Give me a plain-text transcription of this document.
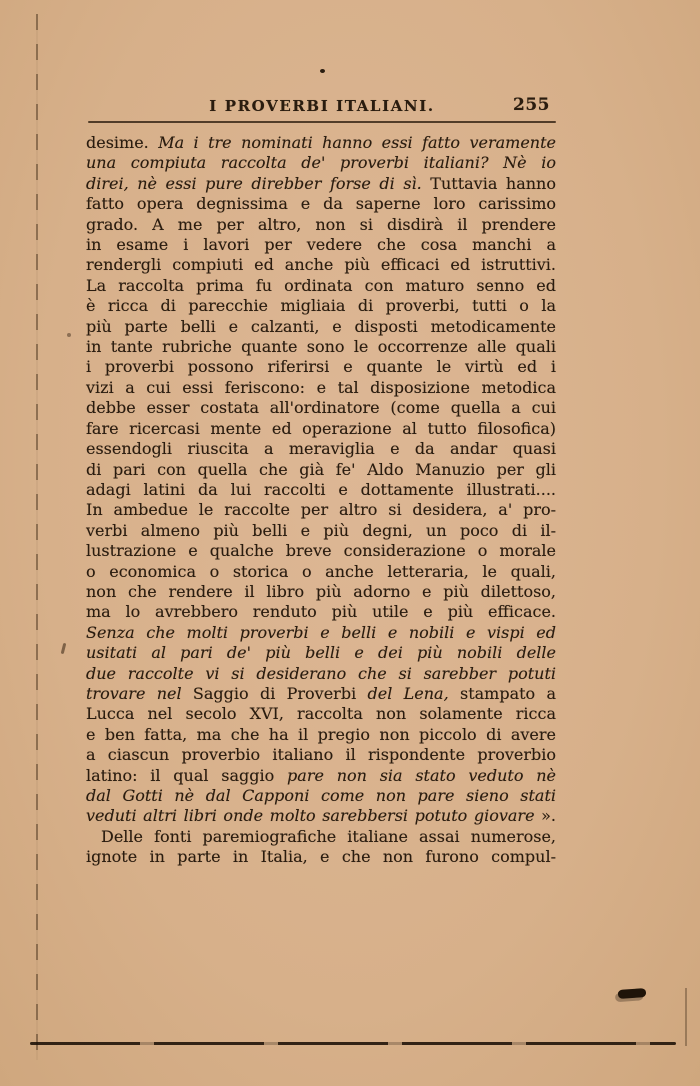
I PROVERBI ITALIANI.	255
desime. Ma i tre nominati hanno essi fatto veramente
una compiuta raccolta de' proverbi italiani? Nè io
direi, nè essi pure direbber forse di sì. Tuttavia hanno
fatto opera degnissima e da saperne loro carissimo
grado. A me per altro, non si disdirà il prendere
in esame i lavori per vedere che cosa manchi a
rendergli compiuti ed anche più efficaci ed istruttivi.
La raccolta prima fu ordinata con maturo senno ed
è ricca di parecchie migliaia di proverbi, tutti o la
più parte belli e calzanti, e disposti metodicamente
in tante rubriche quante sono le occorrenze alle quali
i proverbi possono riferirsi e quante le virtù ed i
vizi a cui essi feriscono: e tal disposizione metodica
debbe esser costata all'ordinatore (come quella a cui
fare ricercasi mente ed operazione al tutto filosofica)
essendogli riuscita a meraviglia e da andar quasi
di pari con quella che già fe' Aldo Manuzio per gli
adagi latini da lui raccolti e dottamente illustrati....
In ambedue le raccolte per altro si desidera, a' pro-
verbi almeno più belli e più degni, un poco di il-
lustrazione e qualche breve considerazione o morale
o economica o storica o anche letteraria, le quali,
non che rendere il libro più adorno e più dilettoso,
ma lo avrebbero renduto più utile e più efficace.
Senza che molti proverbi e belli e nobili e vispi ed
usitati al pari de' più belli e dei più nobili delle
due raccolte vi si desiderano che si sarebber potuti
trovare nel Saggio di Proverbi del Lena, stampato a
Lucca nel secolo XVI, raccolta non solamente ricca
e ben fatta, ma che ha il pregio non piccolo di avere
a ciascun proverbio italiano il rispondente proverbio
latino: il qual saggio pare non sia stato veduto nè
dal Gotti nè dal Capponi come non pare sieno stati
veduti altri libri onde molto sarebbersi potuto giovare ».
Delle fonti paremiografiche italiane assai numerose,
ignote in parte in Italia, e che non furono compul-
